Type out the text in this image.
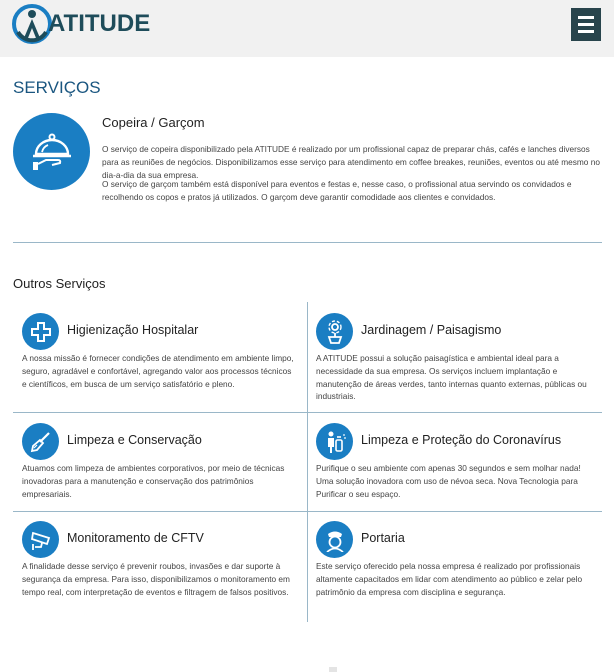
ATITUDE
SERVIÇOS
Copeira / Garçom

O serviço de copeira disponibilizado pela ATITUDE é realizado por um profissional capaz de preparar chás, cafés e lanches diversos para as reuniões de negócios. Disponibilizamos esse serviço para atendimento em coffee breakes, reuniões, eventos ou até mesmo no dia-a-dia da sua empresa.

O serviço de garçom também está disponível para eventos e festas e, nesse caso, o profissional atua servindo os convidados e recolhendo os copos e pratos já utilizados. O garçom deve garantir comodidade aos clientes e convidados.

Outros Serviços
Higienização Hospitalar

A nossa missão é fornecer condições de atendimento em ambiente limpo, seguro, agradável e confortável, agregando valor aos processos técnicos e científicos, em busca de um serviço satisfatório e pleno.

Jardinagem / Paisagismo

A ATITUDE possui a solução paisagística e ambiental ideal para a necessidade da sua empresa. Os serviços incluem implantação e manutenção de áreas verdes, tanto internas quanto externas, públicas ou industriais.

Limpeza e Conservação

Atuamos com limpeza de ambientes corporativos, por meio de técnicas inovadoras para a manutenção e conservação dos patrimônios empresariais.

Limpeza e Proteção do Coronavírus

Purifique o seu ambiente com apenas 30 segundos e sem molhar nada! Uma solução inovadora com uso de névoa seca. Nova Tecnologia para Purificar o seu espaço.

Monitoramento de CFTV

A finalidade desse serviço é prevenir roubos, invasões e dar suporte à segurança da empresa. Para isso, disponibilizamos o monitoramento em tempo real, com interpretação de eventos e filtragem de falsos positivos.

Portaria

Este serviço oferecido pela nossa empresa é realizado por profissionais altamente capacitados em lidar com atendimento ao público e zelar pelo patrimônio da empresa com disciplina e segurança.
